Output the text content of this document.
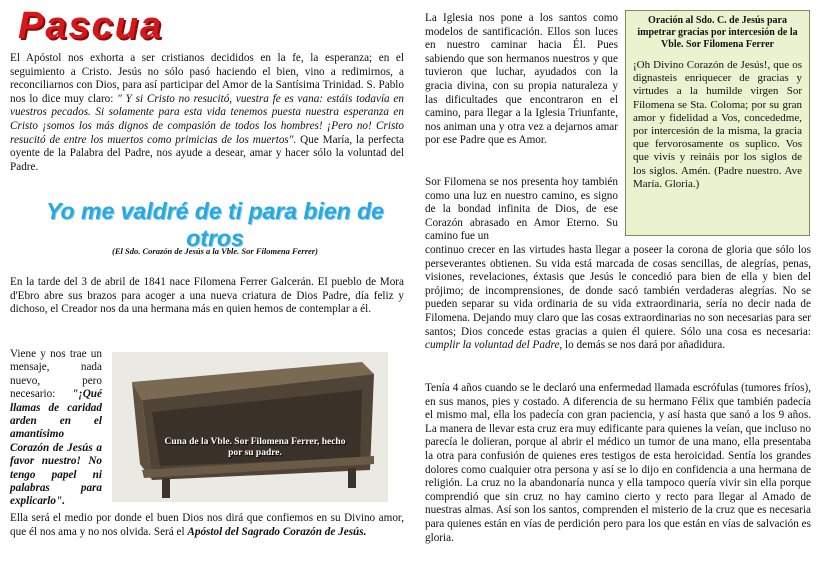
Pascua
El Apóstol nos exhorta a ser cristianos decididos en la fe, la esperanza; en el seguimiento a Cristo. Jesús no sólo pasó haciendo el bien, vino a redimirnos, a reconciliarnos con Dios, para así participar del Amor de la Santísima Trinidad. S. Pablo nos lo dice muy claro: " Y si Cristo no resucitó, vuestra fe es vana: estáis todavía en vuestros pecados. Si solamente para esta vida tenemos puesta nuestra esperanza en Cristo ¡somos los más dignos de compasión de todos los hombres! ¡Pero no! Cristo resucitó de entre los muertos como primicias de los muertos". Que María, la perfecta oyente de la Palabra del Padre, nos ayude a desear, amar y hacer sólo la voluntad del Padre.
Yo me valdré de ti para bien de otros
(El Sdo. Corazón de Jesús a la Vble. Sor Filomena Ferrer)
En la tarde del 3 de abril de 1841 nace Filomena Ferrer Galcerán. El pueblo de Mora d'Ebro abre sus brazos para acoger a una nueva criatura de Dios Padre, día feliz y dichoso, el Creador nos da una hermana más en quien hemos de contemplar a él.
Viene y nos trae un mensaje, nada nuevo, pero necesario: "¡Qué llamas de caridad arden en el amantísimo Corazón de Jesús a favor nuestro! No tengo papel ni palabras para explicarlo".
Cuna de la Vble. Sor Filomena Ferrer, hecho por su padre.
Ella será el medio por donde el buen Dios nos dirá que confiemos en su Divino amor, que él nos ama y no nos olvida. Será el Apóstol del Sagrado Corazón de Jesús.
La Iglesia nos pone a los santos como modelos de santificación. Ellos son luces en nuestro caminar hacia Él. Pues sabiendo que son hermanos nuestros y que tuvieron que luchar, ayudados con la gracia divina, con su propia naturaleza y las dificultades que encontraron en el camino, para llegar a la Iglesia Triunfante, nos animan una y otra vez a dejarnos amar por ese Padre que es Amor.
Sor Filomena se nos presenta hoy también como una luz en nuestro camino, es signo de la bondad infinita de Dios, de ese Corazón abrasado en Amor Eterno. Su camino fue un
continuo crecer en las virtudes hasta llegar a poseer la corona de gloria que sólo los perseverantes obtienen. Su vida está marcada de cosas sencillas, de alegrías, penas, visiones, revelaciones, éxtasis que Jesús le concedió para bien de ella y bien del prójimo; de incomprensiones, de donde sacó también verdaderas alegrías. No se pueden separar su vida ordinaria de su vida extraordinaria, sería no decir nada de Filomena. Dejando muy claro que las cosas extraordinarias no son necesarias para ser santos; Dios concede estas gracias a quien él quiere. Sólo una cosa es necesaria: cumplir la voluntad del Padre, lo demás se nos dará por añadidura.
Tenía 4 años cuando se le declaró una enfermedad llamada escrófulas (tumores fríos), en sus manos, pies y costado. A diferencia de su hermano Félix que también padecía el mismo mal, ella los padecía con gran paciencia, y así hasta que sanó a los 9 años. La manera de llevar esta cruz era muy edificante para quienes la veían, que incluso no parecía le dolieran, porque al abrir el médico un tumor de una mano, ella presentaba la otra para confusión de quienes eres testigos de esta heroicidad. Sentía los grandes dolores como cualquier otra persona y así se lo dijo en confidencia a una hermana de religión. La cruz no la abandonaría nunca y ella tampoco quería vivir sin ella porque comprendió que sin cruz no hay camino cierto y recto para llegar al Amado de nuestras almas. Así son los santos, comprenden el misterio de la cruz que es necesaria para quienes están en vías de perdición pero para los que están en vías de salvación es gloria.
Oración al Sdo. C. de Jesús para impetrar gracias por intercesión de la Vble. Sor Filomena Ferrer
¡Oh Divino Corazón de Jesús!, que os dignasteis enriquecer de gracias y virtudes a la humilde virgen Sor Filomena se Sta. Coloma; por su gran amor y fidelidad a Vos, concededme, por intercesión de la misma, la gracia que fervorosamente os suplico. Vos que vivís y reináis por los siglos de los siglos. Amén. (Padre nuestro. Ave María. Gloria.)
